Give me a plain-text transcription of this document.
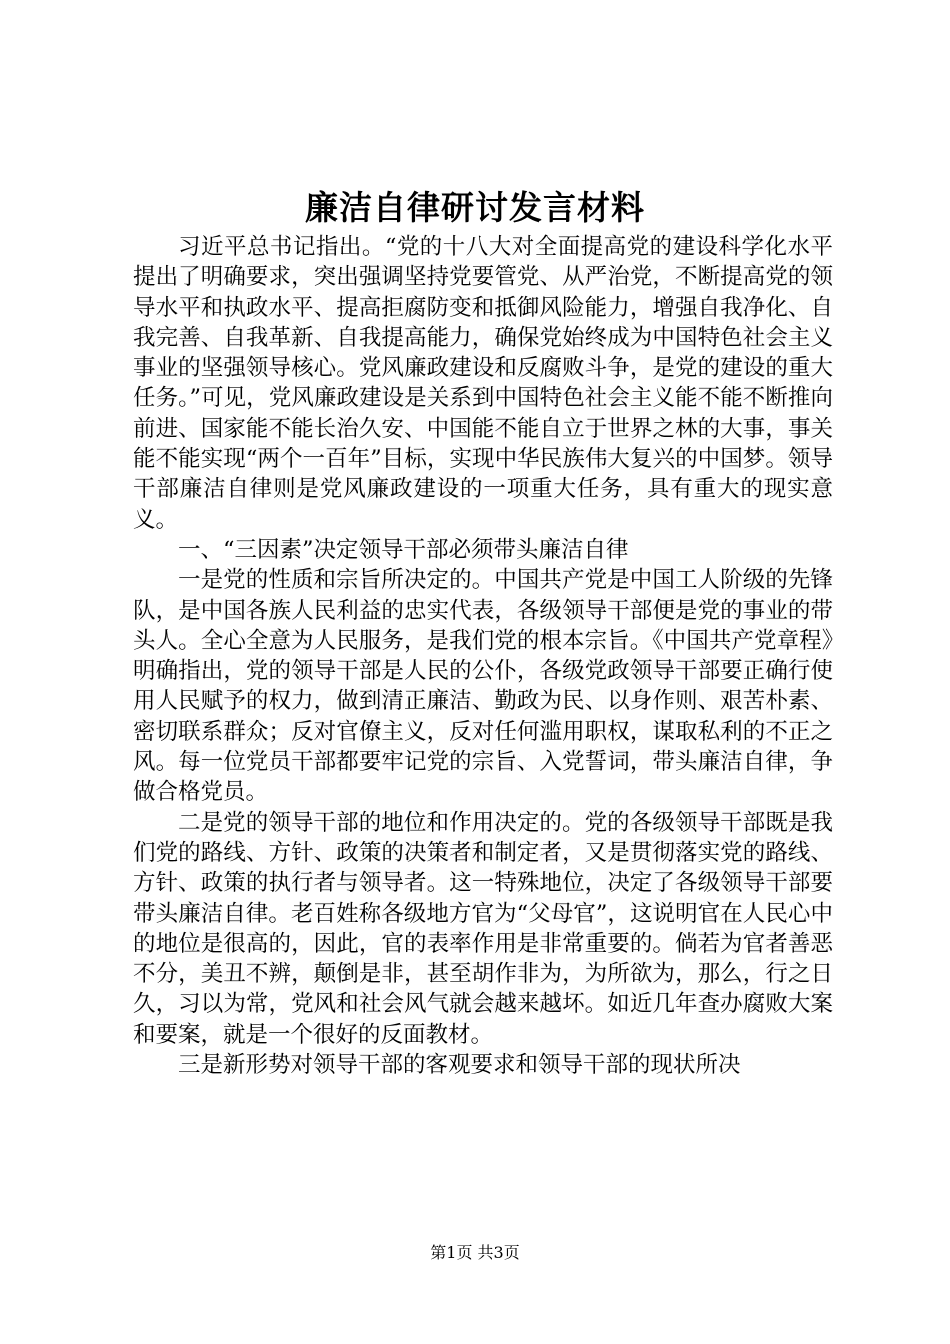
廉洁自律研讨发言材料

习近平总书记指出。“党的十八大对全面提高党的建设科学化水平提出了明确要求，突出强调坚持党要管党、从严治党，不断提高党的领导水平和执政水平、提高拒腐防变和抵御风险能力，增强自我净化、自我完善、自我革新、自我提高能力，确保党始终成为中国特色社会主义事业的坚强领导核心。党风廉政建设和反腐败斗争，是党的建设的重大任务。”可见，党风廉政建设是关系到中国特色社会主义能不能不断推向前进、国家能不能长治久安、中国能不能自立于世界之林的大事，事关能不能实现“两个一百年”目标，实现中华民族伟大复兴的中国梦。领导干部廉洁自律则是党风廉政建设的一项重大任务，具有重大的现实意义。

一、“三因素”决定领导干部必须带头廉洁自律

一是党的性质和宗旨所决定的。中国共产党是中国工人阶级的先锋队，是中国各族人民利益的忠实代表，各级领导干部便是党的事业的带头人。全心全意为人民服务，是我们党的根本宗旨。《中国共产党章程》明确指出，党的领导干部是人民的公仆，各级党政领导干部要正确行使用人民赋予的权力，做到清正廉洁、勤政为民、以身作则、艰苦朴素、密切联系群众；反对官僚主义，反对任何滥用职权，谋取私利的不正之风。每一位党员干部都要牢记党的宗旨、入党誓词，带头廉洁自律，争做合格党员。

二是党的领导干部的地位和作用决定的。党的各级领导干部既是我们党的路线、方针、政策的决策者和制定者，又是贯彻落实党的路线、方针、政策的执行者与领导者。这一特殊地位，决定了各级领导干部要带头廉洁自律。老百姓称各级地方官为“父母官”，这说明官在人民心中的地位是很高的，因此，官的表率作用是非常重要的。倘若为官者善恶不分，美丑不辨，颠倒是非，甚至胡作非为，为所欲为，那么，行之日久，习以为常，党风和社会风气就会越来越坏。如近几年查办腐败大案和要案，就是一个很好的反面教材。

三是新形势对领导干部的客观要求和领导干部的现状所决

第1页 共3页
